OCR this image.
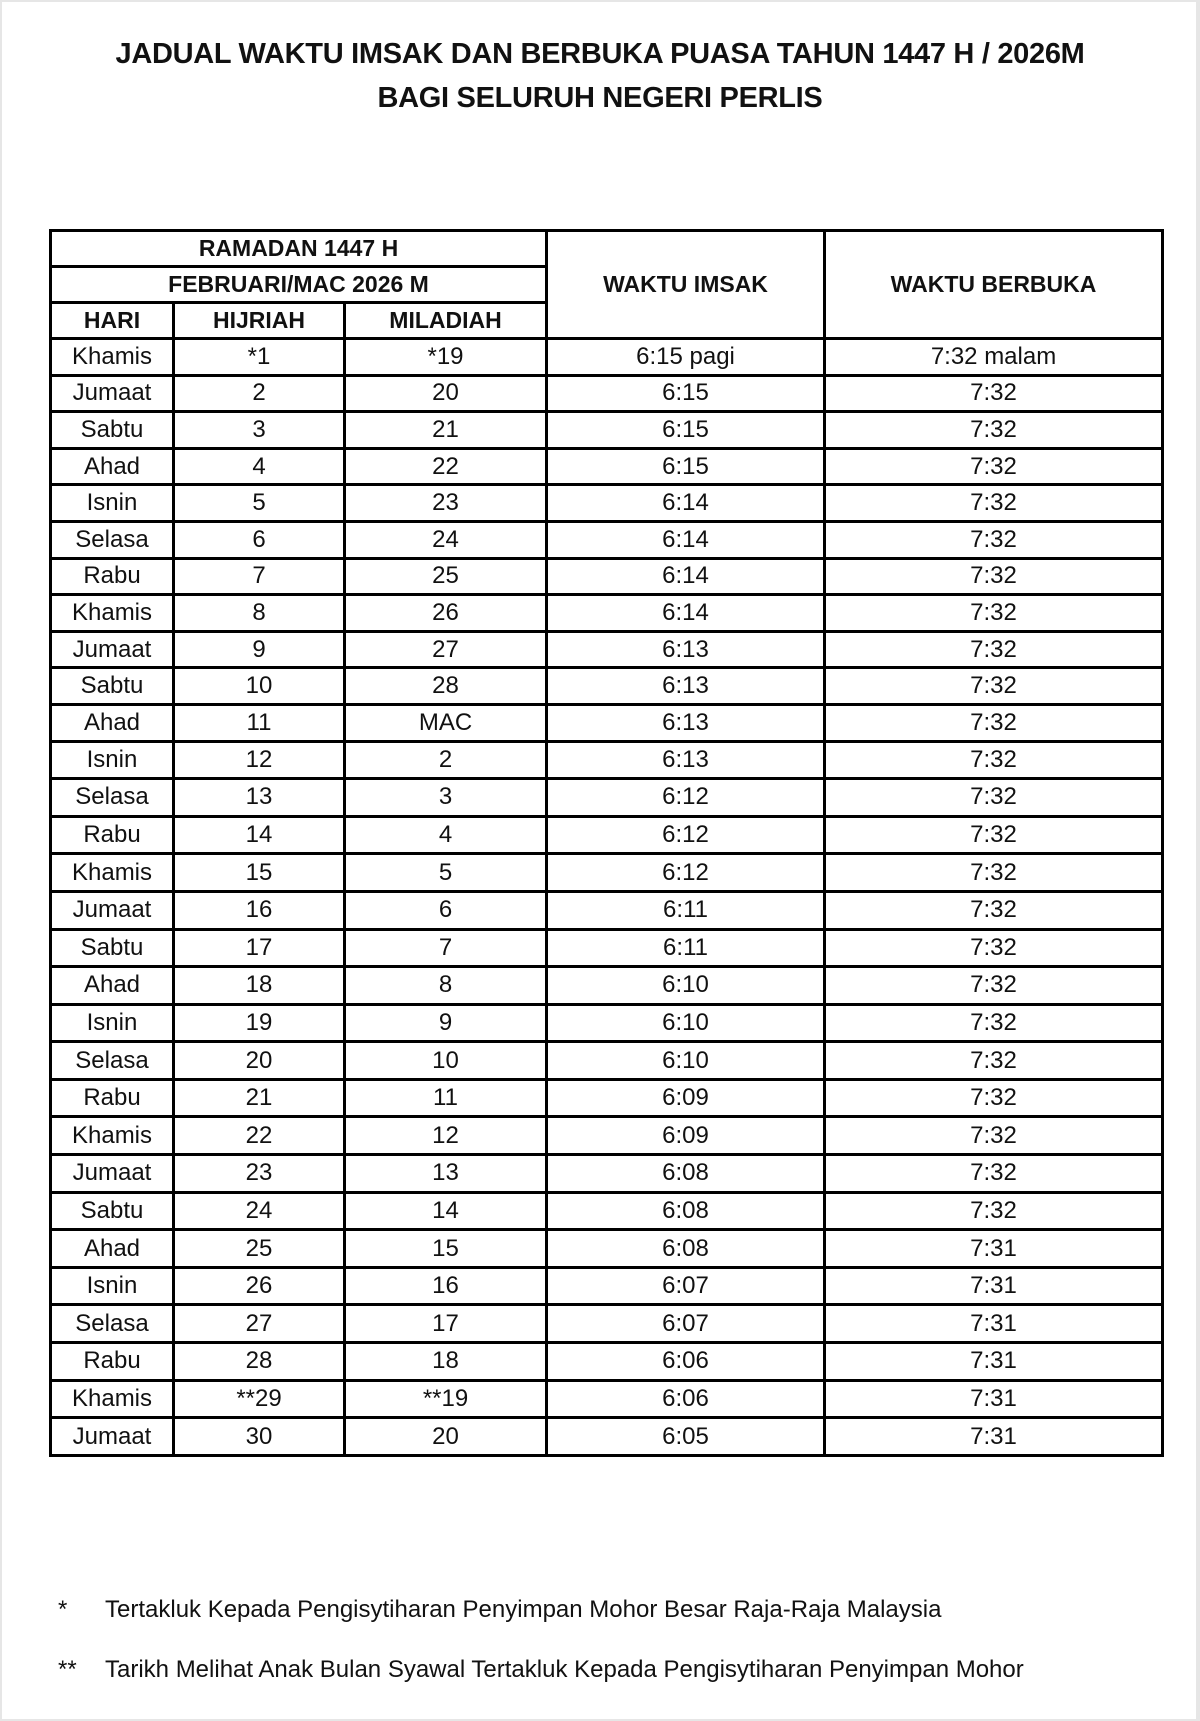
JADUAL WAKTU IMSAK DAN BERBUKA PUASA TAHUN 1447 H / 2026M
BAGI SELURUH NEGERI PERLIS
RAMADAN 1447 H			WAKTU IMSAK	WAKTU BERBUKA
FEBRUARI/MAC 2026 M				
HARI	HIJRIAH	MILADIAH		
Khamis	*1	*19	6:15 pagi	7:32 malam
Jumaat	2	20	6:15	7:32
Sabtu	3	21	6:15	7:32
Ahad	4	22	6:15	7:32
Isnin	5	23	6:14	7:32
Selasa	6	24	6:14	7:32
Rabu	7	25	6:14	7:32
Khamis	8	26	6:14	7:32
Jumaat	9	27	6:13	7:32
Sabtu	10	28	6:13	7:32
Ahad	11	MAC	6:13	7:32
Isnin	12	2	6:13	7:32
Selasa	13	3	6:12	7:32
Rabu	14	4	6:12	7:32
Khamis	15	5	6:12	7:32
Jumaat	16	6	6:11	7:32
Sabtu	17	7	6:11	7:32
Ahad	18	8	6:10	7:32
Isnin	19	9	6:10	7:32
Selasa	20	10	6:10	7:32
Rabu	21	11	6:09	7:32
Khamis	22	12	6:09	7:32
Jumaat	23	13	6:08	7:32
Sabtu	24	14	6:08	7:32
Ahad	25	15	6:08	7:31
Isnin	26	16	6:07	7:31
Selasa	27	17	6:07	7:31
Rabu	28	18	6:06	7:31
Khamis	**29	**19	6:06	7:31
Jumaat	30	20	6:05	7:31
* Tertakluk Kepada Pengisytiharan Penyimpan Mohor Besar Raja-Raja Malaysia
** Tarikh Melihat Anak Bulan Syawal Tertakluk Kepada Pengisytiharan Penyimpan Mohor
